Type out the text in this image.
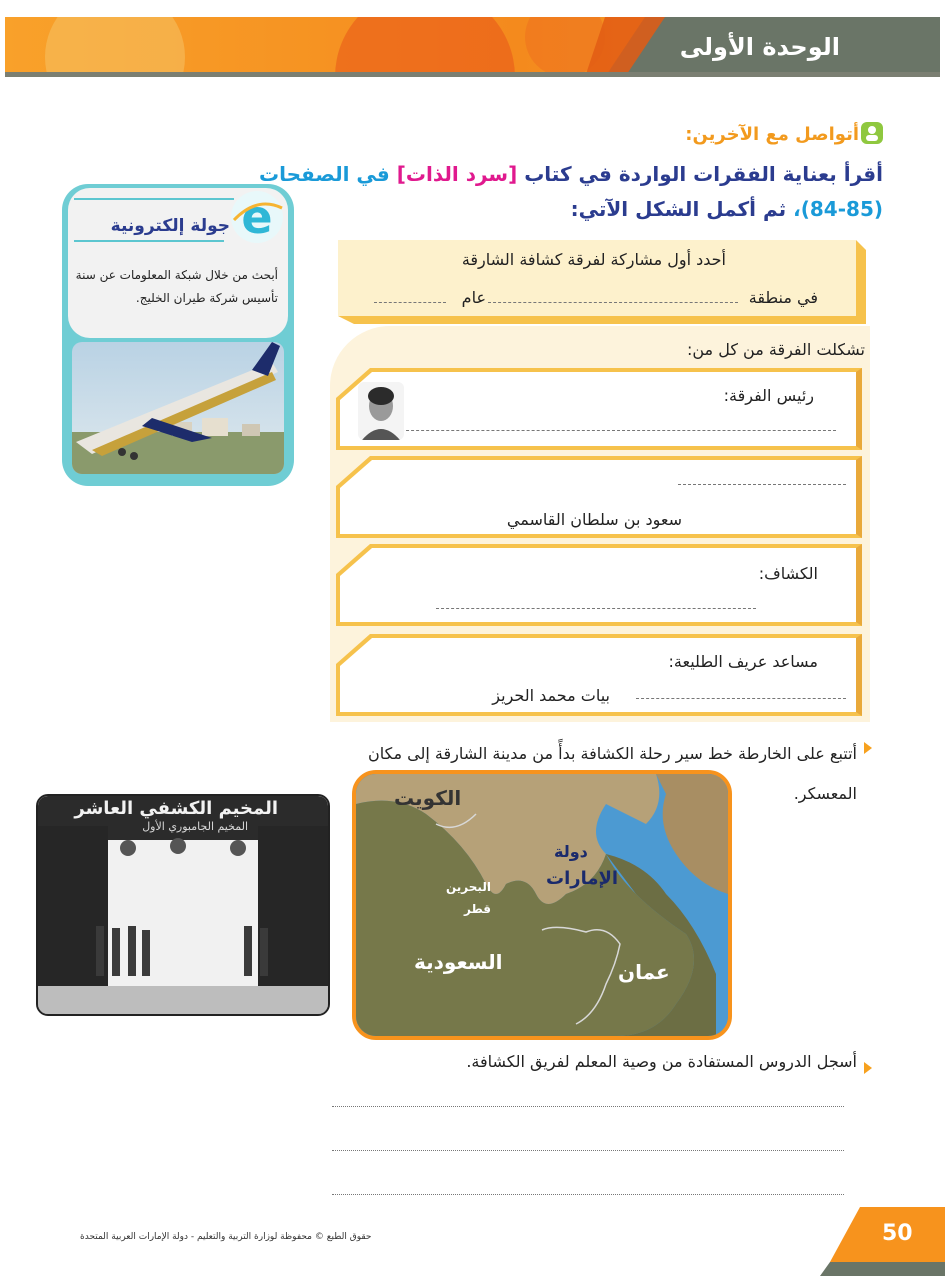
الوحدة الأولى
جولة إلكترونية e
أبحث من خلال شبكة المعلومات عن سنة تأسيس شركة طيران الخليج.
أتواصل مع الآخرين:
أقرأ بعناية الفقرات الواردة في كتاب [سرد الذات] في الصفحات
(84-85)، ثم أكمل الشكل الآتي:
أحدد أول مشاركة لفرقة كشافة الشارقة
في منطقة
عام
تشكلت الفرقة من كل من:
رئيس الفرقة:
سعود بن سلطان القاسمي
الكشاف:
مساعد عريف الطليعة:
بيات محمد الحريز
أتتبع على الخارطة خط سير رحلة الكشافة بدأً من مدينة الشارقة إلى مكان المعسكر.
المخيم الكشفي العاشر
المخيم الجامبوري الأول
الكويت
دولة
الإمارات
البحرين
قطر
السعودية	عمان
أسجل الدروس المستفادة من وصية المعلم لفريق الكشافة.
حقوق الطبع © محفوظة لوزارة التربية والتعليم - دولة الإمارات العربية المتحدة	50
